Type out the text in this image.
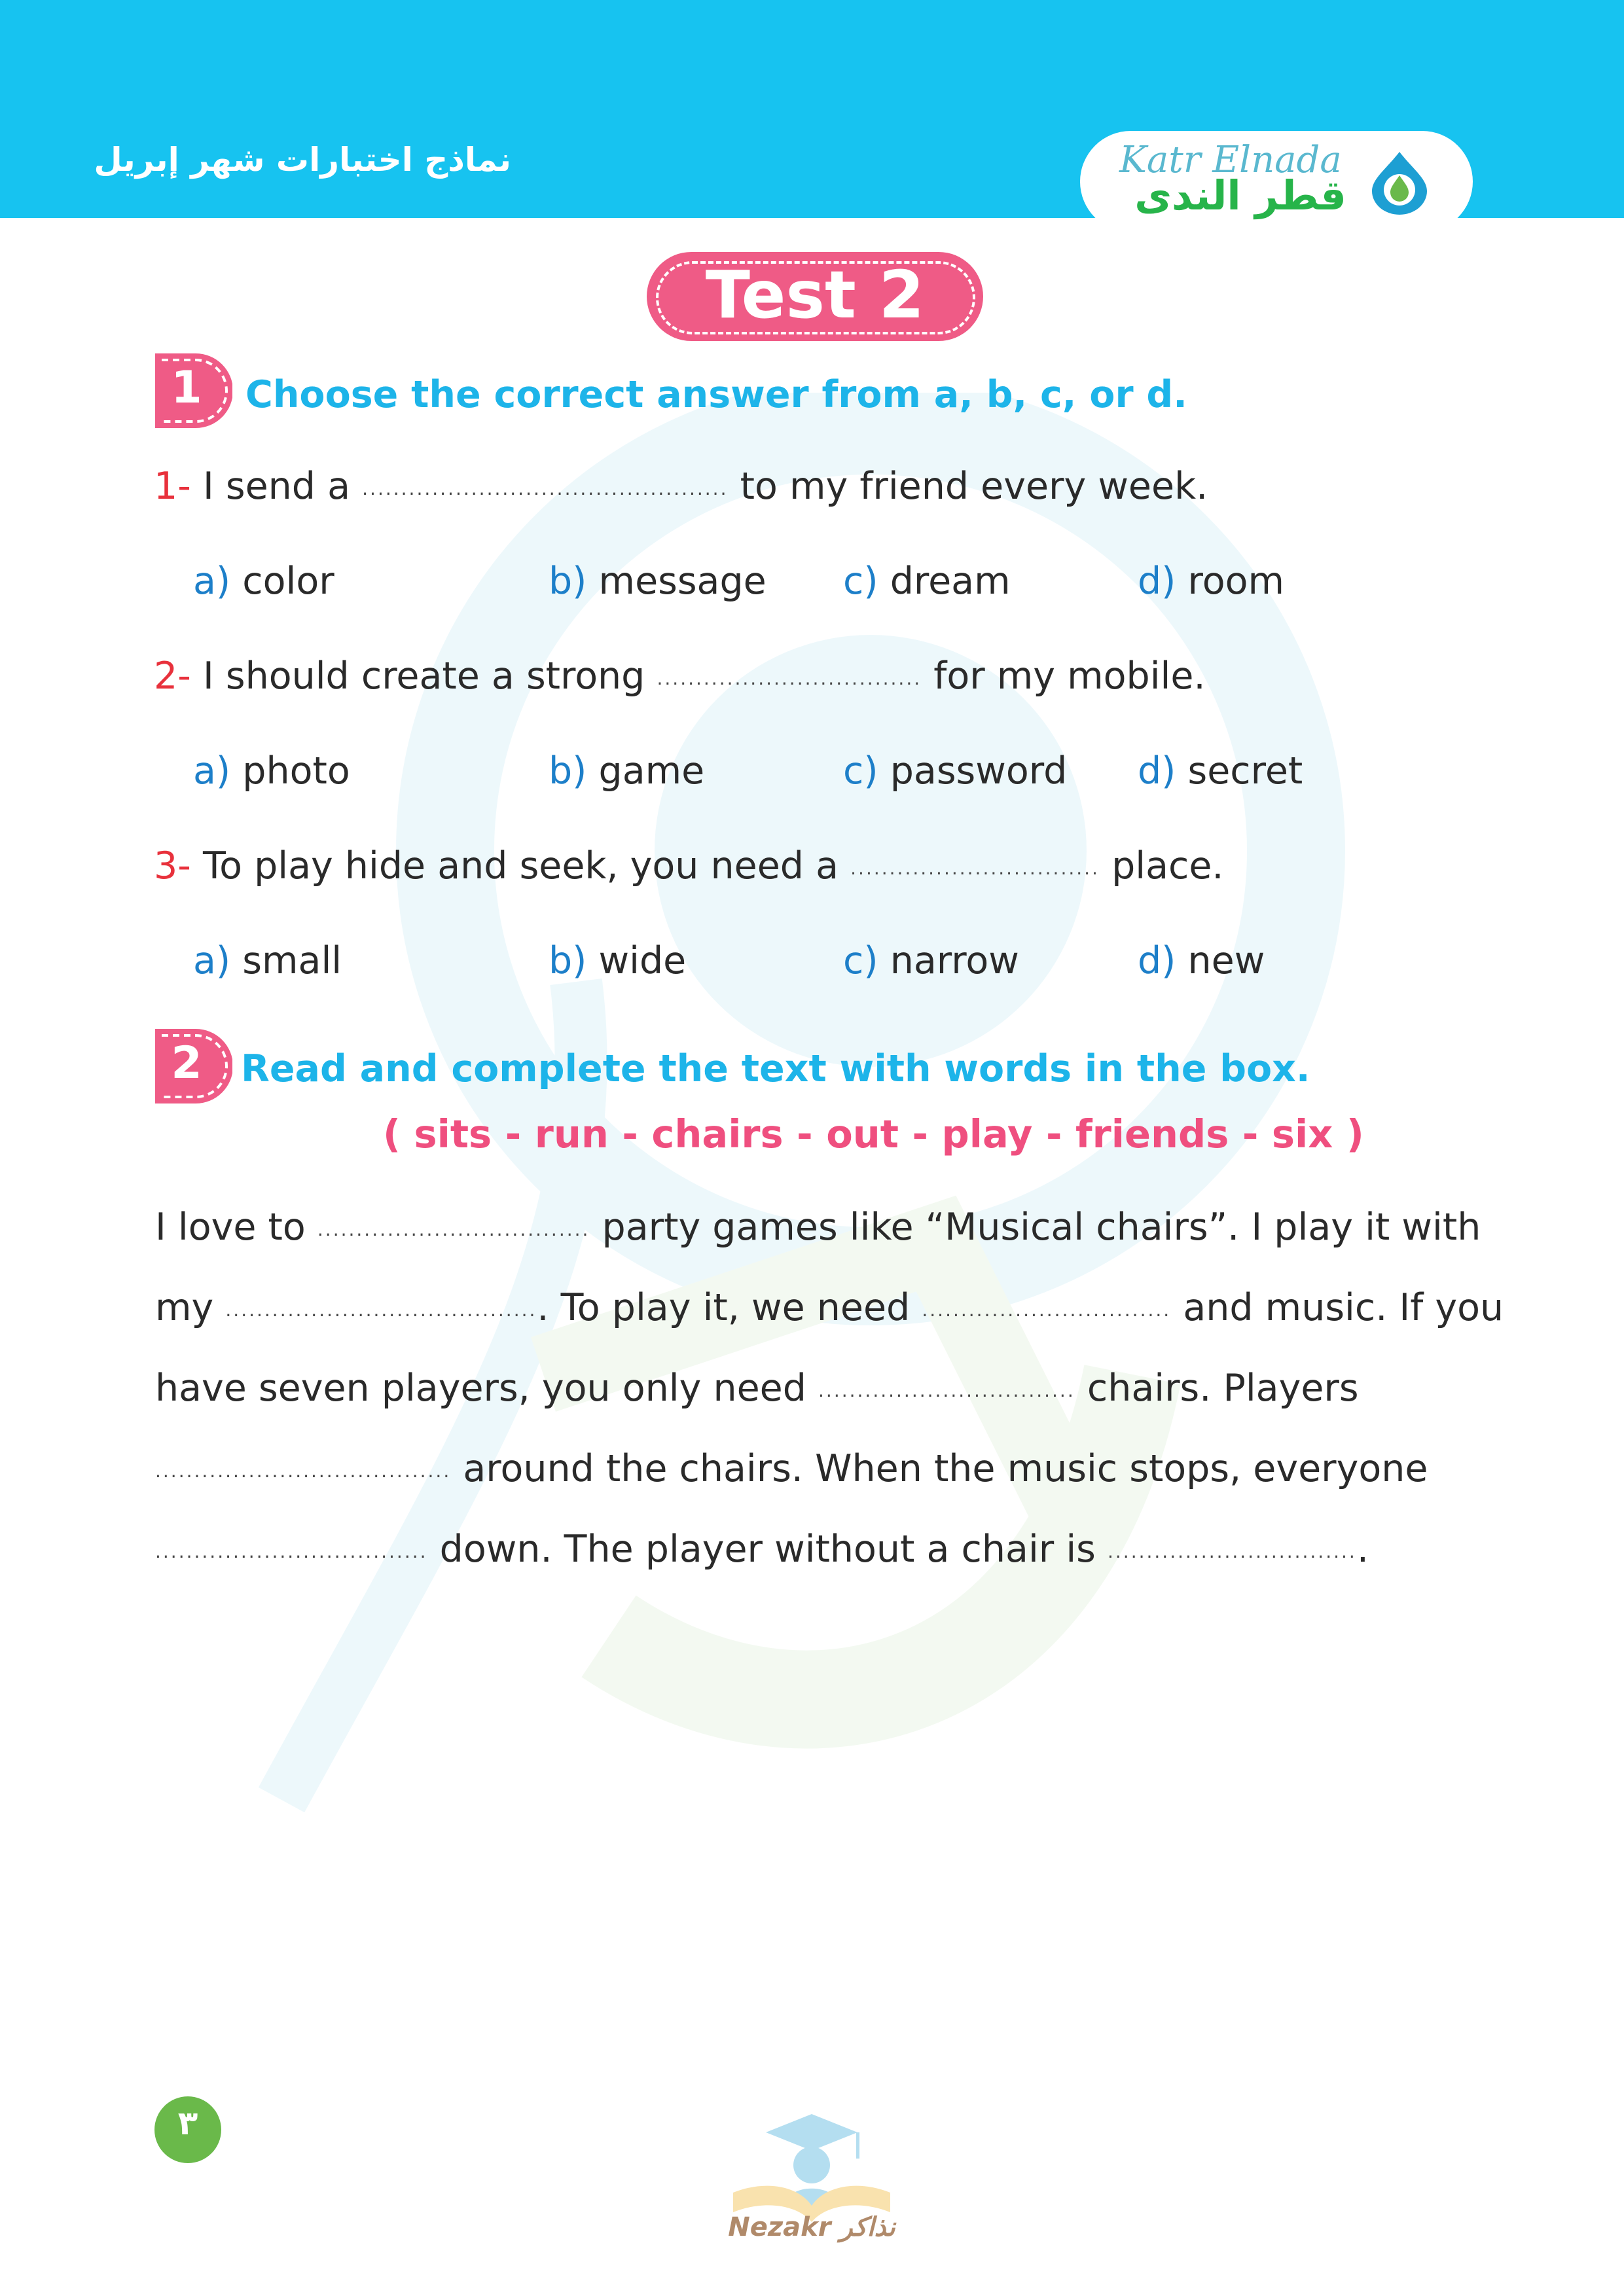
نماذج اختبارات شهر إبريل	Katr Elnada
قطر الندى
Test 2
1 Choose the correct answer from a, b, c, or d.
1- I send a ............................................... to my friend every week.
a) color	b) message c) dream	d) room
2- I should create a strong .................................. for my mobile.
a) photo	b) game	c) password d) secret
3- To play hide and seek, you need a ................................ place.
a) small	b) wide	c) narrow	d) new
2 Read and complete the text with words in the box.
( sits - run - chairs - out - play - friends - six )
I love to ................................... party games like “Musical chairs”. I play it with
my ......................................... To play it, we need ................................ and music. If you
have seven players, you only need ................................. chairs. Players
...................................... around the chairs. When the music stops, everyone
................................... down. The player without a chair is .................................
٣
Nezakr نذاكر
